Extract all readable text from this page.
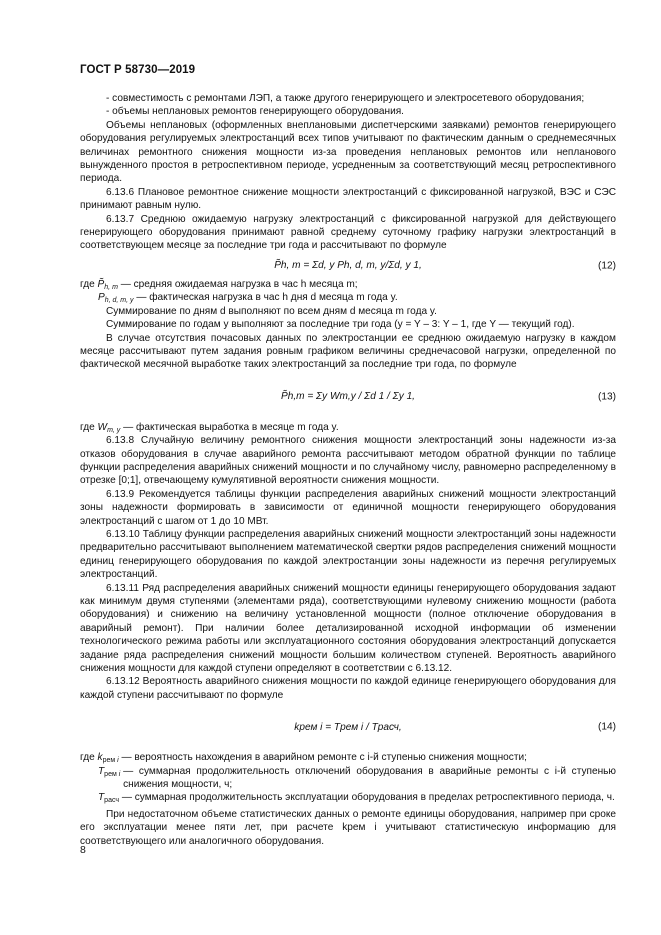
ГОСТ Р 58730—2019

- совместимость с ремонтами ЛЭП, а также другого генерирующего и электросетевого оборудования;

- объемы неплановых ремонтов генерирующего оборудования.

Объемы неплановых (оформленных внеплановыми диспетчерскими заявками) ремонтов генерирующего оборудования регулируемых электростанций всех типов учитывают по фактическим данным о среднемесячных величинах ремонтного снижения мощности из-за проведения неплановых ремонтов или непланового вынужденного простоя в ретроспективном периоде, усредненным за соответствующий месяц ретроспективного периода.

6.13.6 Плановое ремонтное снижение мощности электростанций с фиксированной нагрузкой, ВЭС и СЭС принимают равным нулю.

6.13.7 Среднюю ожидаемую нагрузку электростанций с фиксированной нагрузкой для действующего генерирующего оборудования принимают равной среднему суточному графику нагрузки электростанций в соответствующем месяце за последние три года и рассчитывают по формуле

P̃h, m = Σd, y Ph, d, m, y/Σd, y 1,	(12)
где $P̃_{h, m}$ — средняя ожидаемая нагрузка в час h месяца m;
$P_{h, d, m, y}$ — фактическая нагрузка в час h дня d месяца m года y.

Суммирование по дням d выполняют по всем дням d месяца m года y.

Суммирование по годам y выполняют за последние три года (y = Y – 3: Y – 1, где Y — текущий год).

В случае отсутствия почасовых данных по электростанции ее среднюю ожидаемую нагрузку в каждом месяце рассчитывают путем задания ровным графиком величины среднечасовой нагрузки, определенной по фактической месячной выработке таких электростанций за последние три года, по формуле

P̃h,m = Σy Wm,y / Σd 1 / Σy 1,	(13)
где $W_{m, y}$ — фактическая выработка в месяце m года y.

6.13.8 Случайную величину ремонтного снижения мощности электростанций зоны надежности из-за отказов оборудования в случае аварийного ремонта рассчитывают методом обратной функции по таблице функции распределения аварийных снижений мощности и по случайному числу, равномерно распределенному в отрезке [0;1], отвечающему кумулятивной вероятности снижения мощности.

6.13.9 Рекомендуется таблицы функции распределения аварийных снижений мощности электростанций зоны надежности формировать в зависимости от единичной мощности генерирующего оборудования электростанций с шагом от 1 до 10 МВт.

6.13.10 Таблицу функции распределения аварийных снижений мощности электростанций зоны надежности предварительно рассчитывают выполнением математической свертки рядов распределения снижений мощности единиц генерирующего оборудования по каждой электростанции зоны надежности из перечня регулируемых электростанций.

6.13.11 Ряд распределения аварийных снижений мощности единицы генерирующего оборудования задают как минимум двумя ступенями (элементами ряда), соответствующими нулевому снижению мощности (работа оборудования) и снижению на величину установленной мощности (полное отключение оборудования в аварийный ремонт). При наличии более детализированной исходной информации об изменении технологического режима работы или эксплуатационного состояния оборудования электростанций допускается задание ряда распределения снижений мощности большим количеством ступеней. Вероятность аварийного снижения мощности для каждой ступени определяют в соответствии с 6.13.12.

6.13.12 Вероятность аварийного снижения мощности по каждой единице генерирующего оборудования для каждой ступени рассчитывают по формуле

kрем i = Tрем i / Tрасч,	(14)
где $k_{рем i}$ — вероятность нахождения в аварийном ремонте с i-й ступенью снижения мощности;
$T_{рем i}$ — суммарная продолжительность отключений оборудования в аварийные ремонты с i-й ступенью снижения мощности, ч;
$T_{расч}$ — суммарная продолжительность эксплуатации оборудования в пределах ретроспективного периода, ч.

При недостаточном объеме статистических данных о ремонте единицы оборудования, например при сроке его эксплуатации менее пяти лет, при расчете kрем i учитывают статистическую информацию для соответствующего или аналогичного оборудования.

8
